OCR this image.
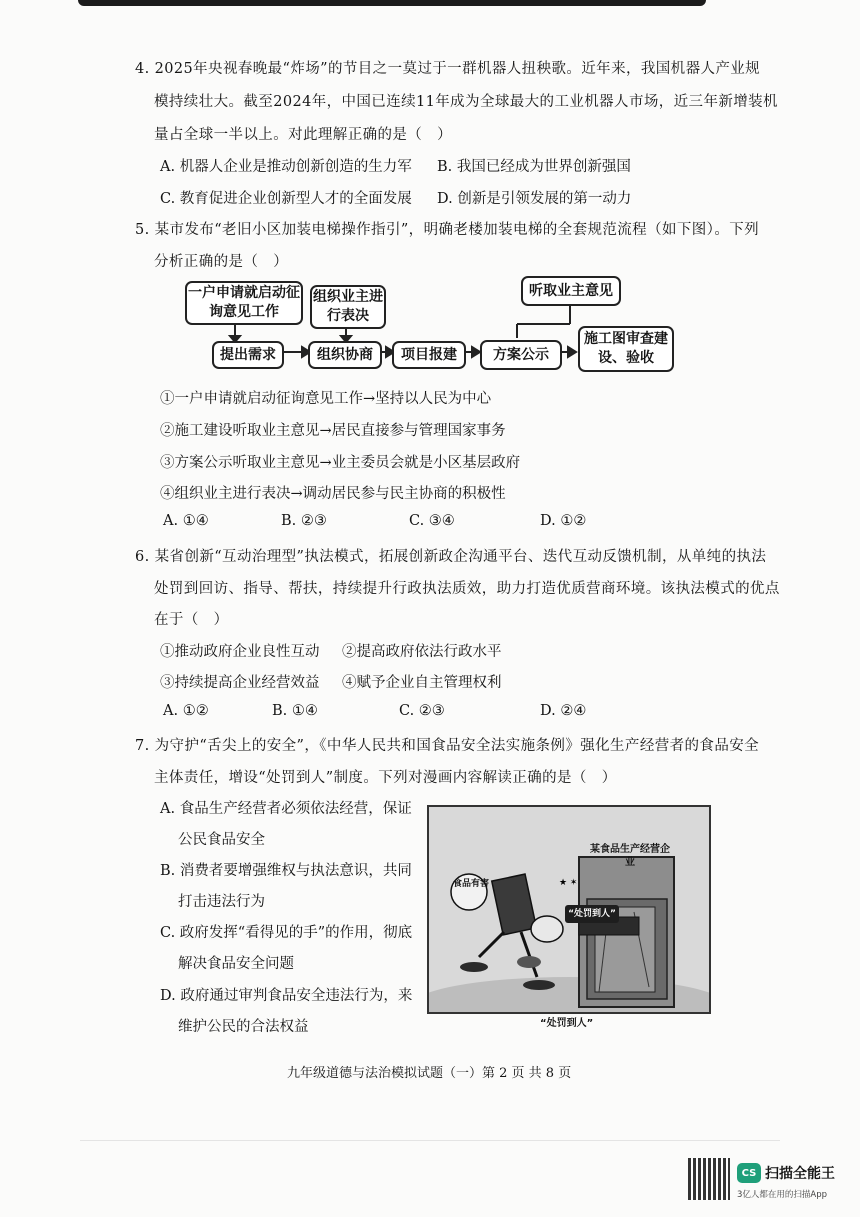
4. 2025年央视春晚最“炸场”的节目之一莫过于一群机器人扭秧歌。近年来，我国机器人产业规
模持续壮大。截至2024年，中国已连续11年成为全球最大的工业机器人市场，近三年新增装机
量占全球一半以上。对此理解正确的是（　）
A. 机器人企业是推动创新创造的生力军 B. 我国已经成为世界创新强国
C. 教育促进企业创新型人才的全面发展 D. 创新是引领发展的第一动力
5. 某市发布“老旧小区加装电梯操作指引”，明确老楼加装电梯的全套规范流程（如下图）。下列
分析正确的是（　）
一户申请就启动征询意见工作
组织业主进行表决
听取业主意见
提出需求	组织协商	项目报建	方案公示
施工图审查建设、验收
①一户申请就启动征询意见工作→坚持以人民为中心
②施工建设听取业主意见→居民直接参与管理国家事务
③方案公示听取业主意见→业主委员会就是小区基层政府
④组织业主进行表决→调动居民参与民主协商的积极性
A. ①④	B. ②③	C. ③④	D. ①②
6. 某省创新“互动治理型”执法模式，拓展创新政企沟通平台、迭代互动反馈机制，从单纯的执法
处罚到回访、指导、帮扶，持续提升行政执法质效，助力打造优质营商环境。该执法模式的优点
在于（　）
①推动政府企业良性互动 ②提高政府依法行政水平
③持续提高企业经营效益 ④赋予企业自主管理权利
A. ①②	B. ①④	C. ②③	D. ②④
7. 为守护“舌尖上的安全”，《中华人民共和国食品安全法实施条例》强化生产经营者的食品安全
主体责任，增设“处罚到人”制度。下列对漫画内容解读正确的是（　）
A. 食品生产经营者必须依法经营，保证
公民食品安全
B. 消费者要增强维权与执法意识，共同
打击违法行为
C. 政府发挥“看得见的手”的作用，彻底
解决食品安全问题
D. 政府通过审判食品安全违法行为，来
维护公民的合法权益
★ ✶
某食品生产经营企业
食品有害
“处罚到人”
“处罚到人”
九年级道德与法治模拟试题（一）第 2 页 共 8 页
CS 扫描全能王
3亿人都在用的扫描App
